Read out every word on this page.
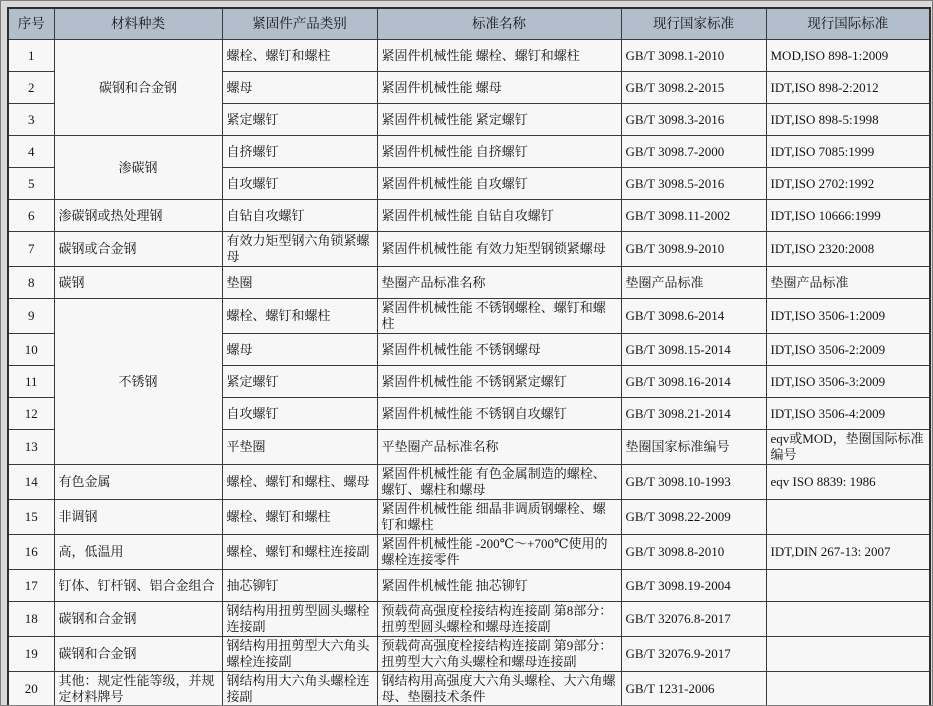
序号	材料种类	紧固件产品类别	标准名称	现行国家标准	现行国际标准
1	碳钢和合金钢	螺栓、螺钉和螺柱	紧固件机械性能 螺栓、螺钉和螺柱	GB/T 3098.1-2010	MOD,ISO 898-1:2009
2		螺母	紧固件机械性能 螺母	GB/T 3098.2-2015	IDT,ISO 898-2:2012
3		紧定螺钉	紧固件机械性能 紧定螺钉	GB/T 3098.3-2016	IDT,ISO 898-5:1998
4	渗碳钢	自挤螺钉	紧固件机械性能 自挤螺钉	GB/T 3098.7-2000	IDT,ISO 7085:1999
5		自攻螺钉	紧固件机械性能 自攻螺钉	GB/T 3098.5-2016	IDT,ISO 2702:1992
6	渗碳钢或热处理钢	自钻自攻螺钉	紧固件机械性能 自钻自攻螺钉	GB/T 3098.11-2002	IDT,ISO 10666:1999
7	碳钢或合金钢	有效力矩型钢六角锁紧螺母	紧固件机械性能 有效力矩型钢锁紧螺母	GB/T 3098.9-2010	IDT,ISO 2320:2008
8	碳钢	垫圈	垫圈产品标准名称	垫圈产品标准	垫圈产品标准
9	不锈钢	螺栓、螺钉和螺柱	紧固件机械性能 不锈钢螺栓、螺钉和螺柱	GB/T 3098.6-2014	IDT,ISO 3506-1:2009
10		螺母	紧固件机械性能 不锈钢螺母	GB/T 3098.15-2014	IDT,ISO 3506-2:2009
11		紧定螺钉	紧固件机械性能 不锈钢紧定螺钉	GB/T 3098.16-2014	IDT,ISO 3506-3:2009
12		自攻螺钉	紧固件机械性能 不锈钢自攻螺钉	GB/T 3098.21-2014	IDT,ISO 3506-4:2009
13		平垫圈	平垫圈产品标准名称	垫圈国家标准编号	eqv或MOD，垫圈国际标准编号
14	有色金属	螺栓、螺钉和螺柱、螺母	紧固件机械性能 有色金属制造的螺栓、螺钉、螺柱和螺母	GB/T 3098.10-1993	eqv ISO 8839: 1986
15	非调钢	螺栓、螺钉和螺柱	紧固件机械性能 细晶非调质钢螺栓、螺钉和螺柱	GB/T 3098.22-2009	
16	高，低温用	螺栓、螺钉和螺柱连接副	紧固件机械性能 -200℃～+700℃使用的螺栓连接零件	GB/T 3098.8-2010	IDT,DIN 267-13: 2007
17	钉体、钉杆钢、铝合金组合	抽芯铆钉	紧固件机械性能 抽芯铆钉	GB/T 3098.19-2004	
18	碳钢和合金钢	钢结构用扭剪型圆头螺栓连接副	预载荷高强度栓接结构连接副 第8部分：扭剪型圆头螺栓和螺母连接副	GB/T 32076.8-2017	
19	碳钢和合金钢	钢结构用扭剪型大六角头螺栓连接副	预载荷高强度栓接结构连接副 第9部分：扭剪型大六角头螺栓和螺母连接副	GB/T 32076.9-2017	
20	其他：规定性能等级，并规定材料牌号	钢结构用大六角头螺栓连接副	钢结构用高强度大六角头螺栓、大六角螺母、垫圈技术条件	GB/T 1231-2006	
